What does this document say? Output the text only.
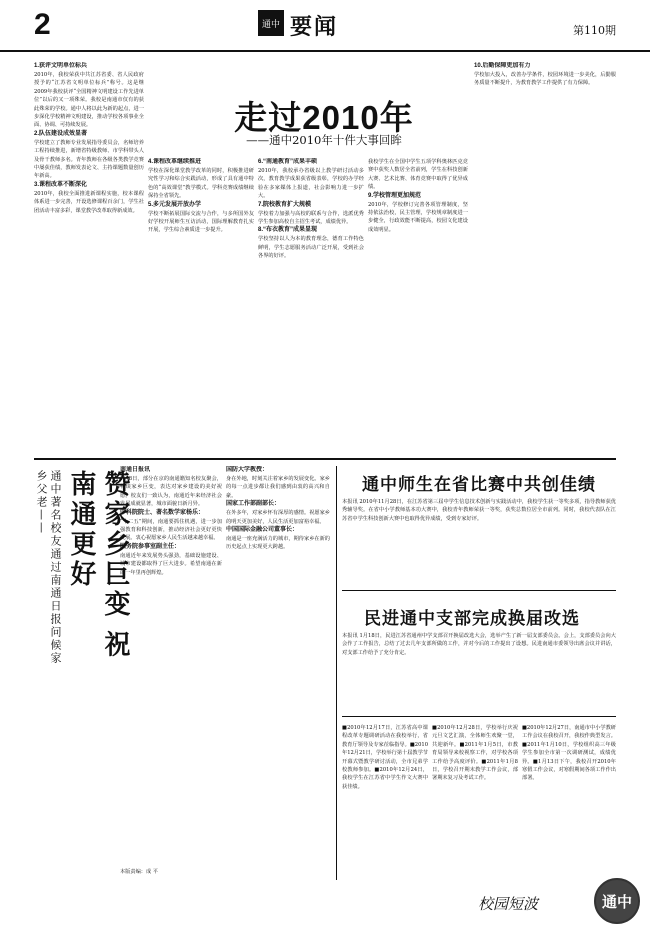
2	通中 要闻	第110期
1.获评文明单位标兵
2010年，我校荣获中共江苏省委、省人民政府授予的“江苏省文明单位标兵”称号。这是继2009年我校获评“全国精神文明建设工作先进单位”以后的又一项殊荣。我校是南通市仅有的获此殊荣的学校。通中人将以此为新的起点，进一步深化学校精神文明建设，推动学校各项事业全面、协调、可持续发展。
2.队伍建设成效显著
学校建立了教师专业发展指导委员会，名师培养工程持续推进，新增省特级教师、市学科带头人及骨干教师多名。青年教师在各级各类教学竞赛中屡获佳绩，教师发表论文、主持课题数量创历年新高。
3.课程改革不断深化
2010年，我校全面推进新课程实施，校本课程体系进一步完善，开设选修课程百余门，学生社团活动丰富多彩，课堂教学改革取得新成效。
走过2010年
——通中2010年十件大事回眸
4.课程改革继续推进
学校在深化课堂教学改革的同时，积极推进研究性学习和综合实践活动，形成了具有通中特色的“高效课堂”教学模式。学科竞赛成绩继续保持全省领先。
5.多元发展开放办学
学校不断拓展国际交流与合作，与多所国外友好学校开展师生互访活动，国际理解教育扎实开展，学生综合素质进一步提升。
6.“南通教育”成果丰硕
2010年，我校承办省级以上教学研讨活动多次，教育教学成果获省级表彰，学校的办学经验在多家媒体上报道，社会影响力进一步扩大。
7.院校教育扩大规模
学校着力加强与高校的联系与合作，选派优秀学生参加高校自主招生考试，成绩优异。
8.“布衣教育”成果显现
学校坚持以人为本的教育理念，德育工作特色鲜明，学生志愿服务活动广泛开展，受到社会各界的好评。
我校学生在全国中学生五项学科奥林匹克竞赛中获奖人数居全省前列，学生在科技创新大赛、艺术比赛、体育竞赛中取得了优异成绩。
9.学校管理更加规范
2010年，学校修订完善各项管理制度，坚持依法治校，民主管理，学校规章制度进一步健全，行政效能不断提高，校园文化建设成效明显。
10.后勤保障更加有力
学校加大投入，改善办学条件，校园环境进一步美化，后勤服务质量不断提升，为教育教学工作提供了有力保障。
通中著名校友通过南通日报问候家乡父老——	赞家乡巨变 祝南通更好	南通日报讯
1月8日，部分在京的南通籍知名校友聚会，畅谈家乡巨变，表达对家乡建设的美好祝愿。校友们一致认为，南通近年来经济社会发展成就显著，城市面貌日新月异。
中科院院士、著名数学家杨乐：
“十二五”期间，南通要抓住机遇，进一步加强教育和科技创新，推动经济社会更好更快发展。衷心祝愿家乡人民生活越来越幸福。
国务院参事室副主任：
南通近年来发展势头强劲，基础设施建设、城市建设都取得了巨大进步。希望南通在新的一年里再创辉煌。
国防大学教授：
身在外地，时刻关注着家乡的发展变化。家乡的每一点进步都让我们感到由衷的高兴和自豪。
国家工作部副部长：
在外多年，对家乡怀有深厚的感情。祝愿家乡的明天更加美好，人民生活更加富裕幸福。
中国国际金融公司董事长：
南通是一座充满活力的城市，期待家乡在新的历史起点上实现更大跨越。
本版责编：成 平
通中师生在省比赛中共创佳绩
本报讯 2010年11月28日，在江苏省第三届中学生信息技术创新与实践活动中，我校学生获一等奖多项，指导教师获优秀辅导奖。在省中小学教师基本功大赛中，我校青年教师荣获一等奖，获奖总数位居全市前列。同时，我校代表队在江苏省中学生科技创新大赛中也取得优异成绩，受到专家好评。
民进通中支部完成换届改选
本报讯 1月18日，民进江苏省通州中学支部召开换届改选大会，选举产生了新一届支部委员会。会上，支部委员会向大会作了工作报告，总结了过去几年支部所做的工作，并对今后的工作提出了设想。民进南通市委领导出席会议并讲话，对支部工作给予了充分肯定。
■2010年12月17日，江苏省高中课程改革专题调研活动在我校举行，省教育厅领导及专家莅临指导。■2010年12月21日，学校举行第十届教学节开幕式暨教学研讨活动，全市兄弟学校教师参加。■2010年12月24日，我校学生在江苏省中学生作文大赛中获佳绩。
■2010年12月28日，学校举行庆祝元旦文艺汇演，全体师生欢聚一堂，共迎新年。■2011年1月5日，市教育局领导来校视察工作，对学校各项工作给予高度评价。■2011年1月8日，学校召开期末教学工作会议，部署期末复习及考试工作。
■2010年12月27日，南通市中小学教研工作会议在我校召开，我校作典型发言。■2011年1月10日，学校组织高三年级学生参加全市第一次调研测试，成绩优异。■1月13日下午，我校召开2010年寒假工作会议，对寒假期间各项工作作出部署。
校园短波	通中
